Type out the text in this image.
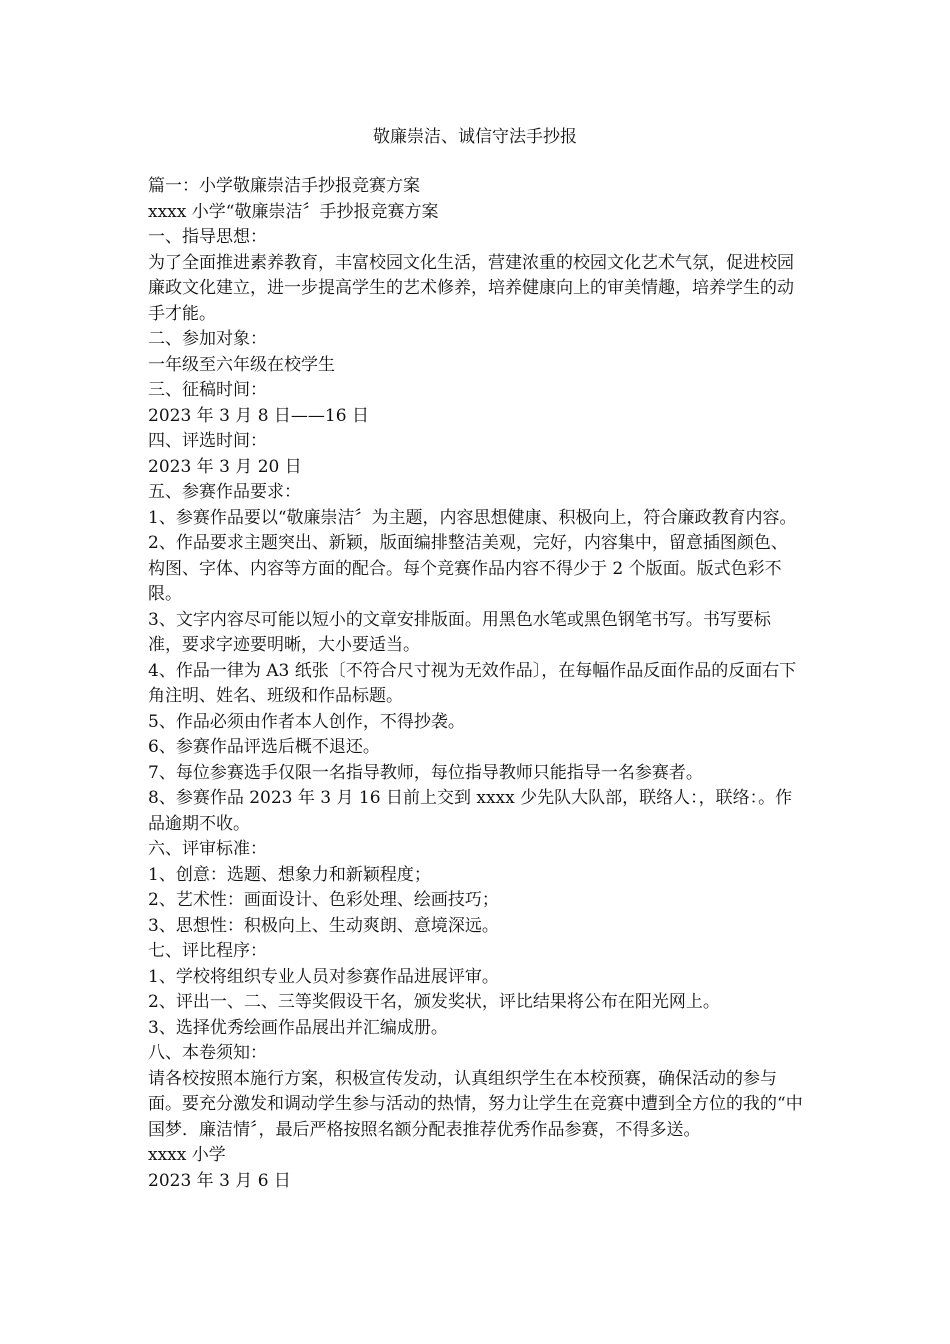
敬廉崇洁、诚信守法手抄报

篇一：小学敬廉崇洁手抄报竞赛方案

xxxx 小学“敬廉崇洁〞手抄报竞赛方案

一、指导思想：

为了全面推进素养教育，丰富校园文化生活，营建浓重的校园文化艺术气氛，促进校园廉政文化建立，进一步提高学生的艺术修养，培养健康向上的审美情趣，培养学生的动手才能。

二、参加对象：

一年级至六年级在校学生

三、征稿时间：

2023 年 3 月 8 日——16 日

四、评选时间：

2023 年 3 月 20 日

五、参赛作品要求：

1、参赛作品要以“敬廉崇洁〞为主题，内容思想健康、积极向上，符合廉政教育内容。

2、作品要求主题突出、新颖，版面编排整洁美观，完好，内容集中，留意插图颜色、构图、字体、内容等方面的配合。每个竞赛作品内容不得少于 2 个版面。版式色彩不限。

3、文字内容尽可能以短小的文章安排版面。用黑色水笔或黑色钢笔书写。书写要标准，要求字迹要明晰，大小要适当。

4、作品一律为 A3 纸张〔不符合尺寸视为无效作品〕，在每幅作品反面作品的反面右下角注明、姓名、班级和作品标题。

5、作品必须由作者本人创作，不得抄袭。

6、参赛作品评选后概不退还。

7、每位参赛选手仅限一名指导教师，每位指导教师只能指导一名参赛者。

8、参赛作品 2023 年 3 月 16 日前上交到 xxxx 少先队大队部，联络人：，联络：。作品逾期不收。

六、评审标准：

1、创意：选题、想象力和新颖程度；

2、艺术性：画面设计、色彩处理、绘画技巧；

3、思想性：积极向上、生动爽朗、意境深远。

七、评比程序：

1、学校将组织专业人员对参赛作品进展评审。

2、评出一、二、三等奖假设干名，颁发奖状，评比结果将公布在阳光网上。

3、选择优秀绘画作品展出并汇编成册。

八、本卷须知：

请各校按照本施行方案，积极宣传发动，认真组织学生在本校预赛，确保活动的参与面。要充分激发和调动学生参与活动的热情，努力让学生在竞赛中遭到全方位的我的“中国梦．廉洁情〞，最后严格按照名额分配表推荐优秀作品参赛，不得多送。

xxxx 小学

2023 年 3 月 6 日
